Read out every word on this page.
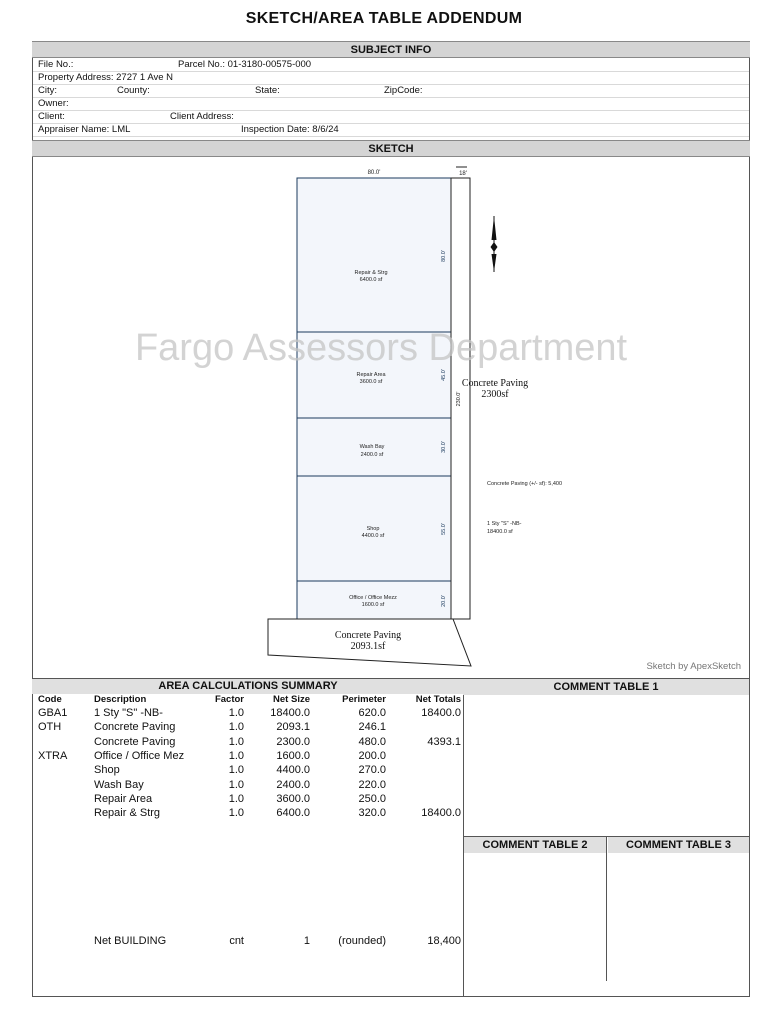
SKETCH/AREA TABLE ADDENDUM
SUBJECT INFO
File No.:	Parcel No.: 01-3180-00575-000
Property Address: 2727 1 Ave N
City:	County:	State:	ZipCode:
Owner:
Client:	Client Address:
Appraiser Name: LML	Inspection Date: 8/6/24
SKETCH
80.0'	18'
Repair & Strg
6400.0 sf
Repair Area
3600.0 sf
Wash Bay
2400.0 sf
Shop
4400.0 sf
Office / Office Mezz
1600.0 sf
80.0'
45.0'
30.0'
55.0'
20.0'
230.0'
Concrete Paving
2300sf
Concrete Paving
2093.1sf
Concrete Paving (+/- sf): 5,400
1 Sty "S" -NB-
18400.0 sf
Fargo Assessors Department
Sketch by ApexSketch
AREA CALCULATIONS SUMMARY
Code	Description	Factor	Net Size	Perimeter	Net Totals
GBA1 1 Sty "S" -NB-	1.0	18400.0	620.0	18400.0
OTH	Concrete Paving	1.0	2093.1	246.1
Concrete Paving	1.0	2300.0	480.0	4393.1
XTRA Office / Office Mez	1.0	1600.0	200.0
Shop	1.0	4400.0	270.0
Wash Bay	1.0	2400.0	220.0
Repair Area	1.0	3600.0	250.0
Repair & Strg	1.0	6400.0	320.0	18400.0
Net BUILDING	cnt	1	(rounded)	18,400
COMMENT TABLE 1
COMMENT TABLE 2	COMMENT TABLE 3
